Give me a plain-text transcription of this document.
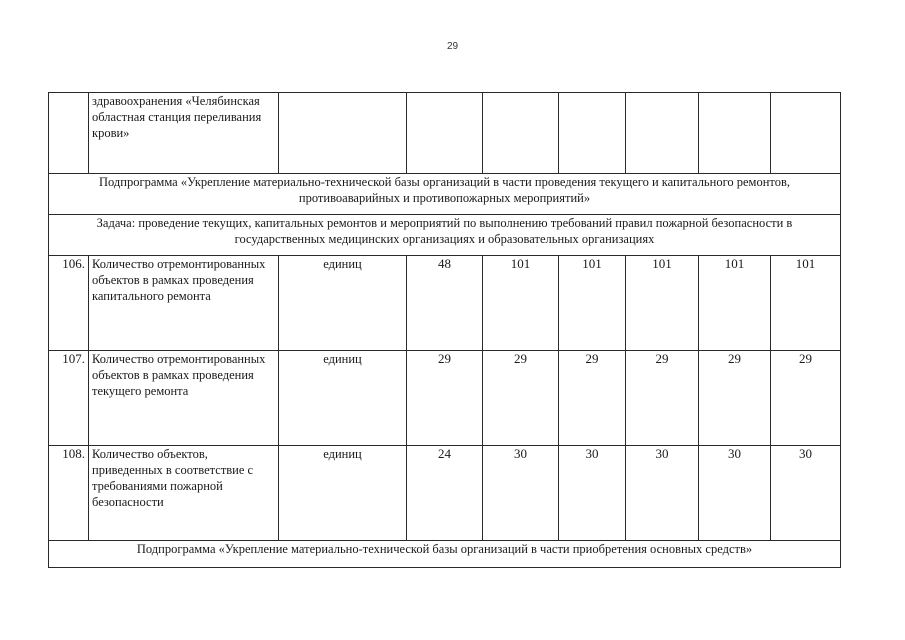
29
	здравоохранения «Челябинская областная станция переливания крови»							
Подпрограмма «Укрепление материально-технической базы организаций в части проведения текущего и капитального ремонтов, противоаварийных и противопожарных мероприятий»								
Задача: проведение текущих, капитальных ремонтов и мероприятий по выполнению требований правил пожарной безопасности в государственных медицинских организациях и образовательных организациях								
106.	Количество отремонтированных объектов в рамках проведения капитального ремонта	единиц	48	101	101	101	101	101
107.	Количество отремонтированных объектов в рамках проведения текущего ремонта	единиц	29	29	29	29	29	29
108.	Количество объектов, приведенных в соответствие с требованиями пожарной безопасности	единиц	24	30	30	30	30	30
Подпрограмма «Укрепление материально-технической базы организаций в части приобретения основных средств»								
